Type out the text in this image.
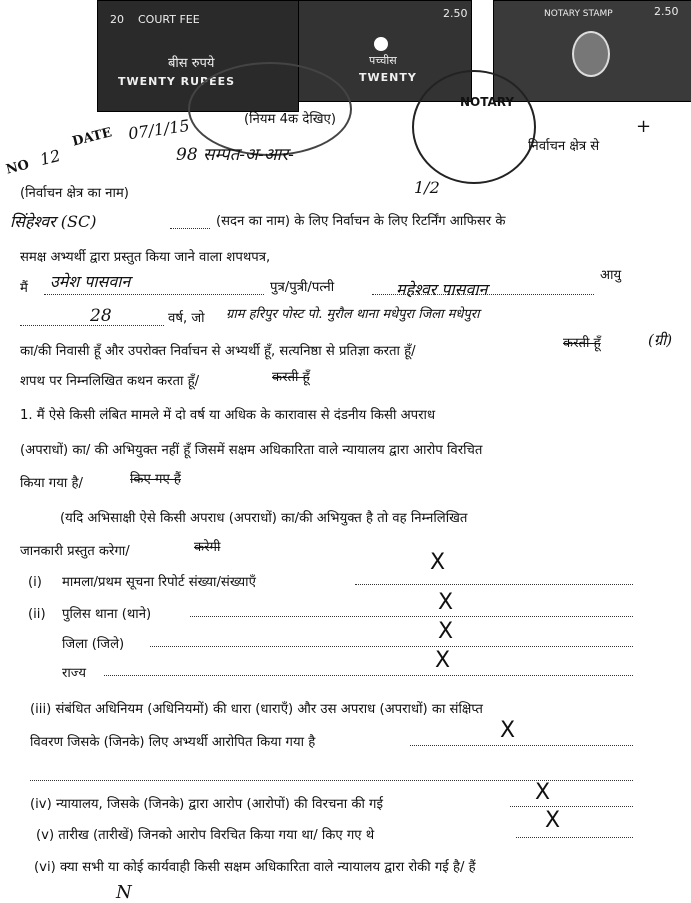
20 COURT FEE
बीस रुपये
TWENTY RUPEES
2.50
पच्चीस
TWENTY
2.50
NOTARY STAMP
NOTARY
(नियम 4क देखिए)
निर्वाचन क्षेत्र से
NO 12
DATE 07/1/15
98 सम्पत-अ-आर-
1/2
+
(निर्वाचन क्षेत्र का नाम)
सिंहेश्वर (SC)	(सदन का नाम) के लिए निर्वाचन के लिए रिटर्निंग आफिसर के
समक्ष अभ्यर्थी द्वारा प्रस्तुत किया जाने वाला शपथपत्र,
मैं उमेश पासवान	पुत्र/पुत्री/पत्नी	महेश्वर पासवान
आयु
28	वर्ष, जो ग्राम हरिपुर पोस्ट पो. मुरौल थाना मधेपुरा जिला मधेपुरा
का/की निवासी हूँ और उपरोक्त निर्वाचन से अभ्यर्थी हूँ, सत्यनिष्ठा से प्रतिज्ञा करता हूँ/
करती हूँ	(ग्री)
शपथ पर निम्नलिखित कथन करता हूँ/	करती हूँ
1. मैं ऐसे किसी लंबित मामले में दो वर्ष या अधिक के कारावास से दंडनीय किसी अपराध
(अपराधों) का/ की अभियुक्त नहीं हूँ जिसमें सक्षम अधिकारिता वाले न्यायालय द्वारा आरोप विरचित
किया गया है/	किए गए हैं
(यदि अभिसाक्षी ऐसे किसी अपराध (अपराधों) का/की अभियुक्त है तो वह निम्नलिखित
जानकारी प्रस्तुत करेगा/	करेगी
(i) मामला/प्रथम सूचना रिपोर्ट संख्या/संख्याएँ
X
(ii) पुलिस थाना (थाने)	X
जिला (जिले)
X
राज्य
X
(iii) संबंधित अधिनियम (अधिनियमों) की धारा (धाराएँ) और उस अपराध (अपराधों) का संक्षिप्त
विवरण जिसके (जिनके) लिए अभ्यर्थी आरोपित किया गया है	X
(iv) न्यायालय, जिसके (जिनके) द्वारा आरोप (आरोपों) की विरचना की गई	X
(v) तारीख (तारीखें) जिनको आरोप विरचित किया गया था/ किए गए थे
X
(vi) क्या सभी या कोई कार्यवाही किसी सक्षम अधिकारिता वाले न्यायालय द्वारा रोकी गई है/ हैं
N
